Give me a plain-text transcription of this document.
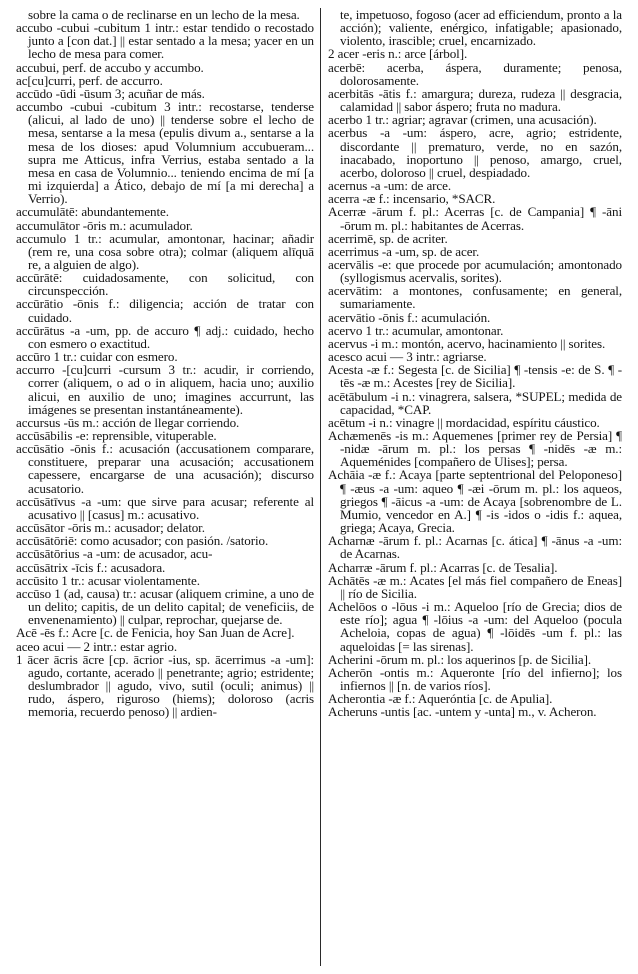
sobre la cama o de reclinarse en un lecho de la mesa.

accubo -cubui -cubitum 1 intr.: estar tendido o recostado junto a [con dat.] || estar sentado a la mesa; yacer en un lecho de mesa para comer.

accubui, perf. de accubo y accumbo.

ac[cu]curri, perf. de accurro.

accūdo -ūdi -ūsum 3; acuñar de más.

accumbo -cubui -cubitum 3 intr.: recostarse, tenderse (alicui, al lado de uno) || tenderse sobre el lecho de mesa, sentarse a la mesa (epulis divum a., sentarse a la mesa de los dioses: apud Volumnium accubueram... supra me Atticus, infra Verrius, estaba sentado a la mesa en casa de Volumnio... teniendo encima de mí [a mi izquierda] a Ático, debajo de mí [a mi derecha] a Verrio).

accumulātē: abundantemente.

accumulātor -ōris m.: acumulador.

accumulo 1 tr.: acumular, amontonar, hacinar; añadir (rem re, una cosa sobre otra); colmar (aliquem alīquā re, a alguien de algo).

accūrātē: cuidadosamente, con solicitud, con circunspección.

accūrātio -ōnis f.: diligencia; acción de tratar con cuidado.

accūrātus -a -um, pp. de accuro ¶ adj.: cuidado, hecho con esmero o exactitud.

accūro 1 tr.: cuidar con esmero.

accurro -[cu]curri -cursum 3 tr.: acudir, ir corriendo, correr (aliquem, o ad o in aliquem, hacia uno; auxilio alicui, en auxilio de uno; imagines accurrunt, las imágenes se presentan instantáneamente).

accursus -ūs m.: acción de llegar corriendo.

accūsābilis -e: reprensible, vituperable.

accūsātio -ōnis f.: acusación (accusationem comparare, constituere, preparar una acusación; accusationem capessere, encargarse de una acusación); discurso acusatorio.

accūsātīvus -a -um: que sirve para acusar; referente al acusativo || [casus] m.: acusativo.

accūsātor -ōris m.: acusador; delator.

accūsātōriē: como acusador; con pasión. /satorio.

accūsātōrius -a -um: de acusador, acu-

accūsātrix -īcis f.: acusadora.

accūsito 1 tr.: acusar violentamente.

accūso 1 (ad, causa) tr.: acusar (aliquem crimine, a uno de un delito; capitis, de un delito capital; de veneficiis, de envenenamiento) || culpar, reprochar, quejarse de.

Acē -ēs f.: Acre [c. de Fenicia, hoy San Juan de Acre].

aceo acui — 2 intr.: estar agrio.

1 ācer ācris ācre [cp. ācrior -ius, sp. ācerrimus -a -um]: agudo, cortante, acerado || penetrante; agrio; estridente; deslumbrador || agudo, vivo, sutil (oculi; animus) || rudo, áspero, riguroso (hiems); doloroso (acris memoria, recuerdo penoso) || ardien-

te, impetuoso, fogoso (acer ad efficiendum, pronto a la acción); valiente, enérgico, infatigable; apasionado, violento, irascible; cruel, encarnizado.

2 acer -eris n.: arce [árbol].

acerbē: acerba, áspera, duramente; penosa, dolorosamente.

acerbitās -ātis f.: amargura; dureza, rudeza || desgracia, calamidad || sabor áspero; fruta no madura.

acerbo 1 tr.: agriar; agravar (crimen, una acusación).

acerbus -a -um: áspero, acre, agrio; estridente, discordante || prematuro, verde, no en sazón, inacabado, inoportuno || penoso, amargo, cruel, acerbo, doloroso || cruel, despiadado.

acernus -a -um: de arce.

acerra -æ f.: incensario, *SACR.

Acerræ -ārum f. pl.: Acerras [c. de Campania] ¶ -āni -ōrum m. pl.: habitantes de Acerras.

acerrimē, sp. de acriter.

acerrimus -a -um, sp. de acer.

acervālis -e: que procede por acumulación; amontonado (syllogismus acervalis, sorites).

acervātim: a montones, confusamente; en general, sumariamente.

acervātio -ōnis f.: acumulación.

acervo 1 tr.: acumular, amontonar.

acervus -i m.: montón, acervo, hacinamiento || sorites.

acesco acui — 3 intr.: agriarse.

Acesta -æ f.: Segesta [c. de Sicilia] ¶ -tensis -e: de S. ¶ -tēs -æ m.: Acestes [rey de Sicilia].

acētābulum -i n.: vinagrera, salsera, *SUPEL; medida de capacidad, *CAP.

acētum -i n.: vinagre || mordacidad, espíritu cáustico.

Achæmenēs -is m.: Aquemenes [primer rey de Persia] ¶ -nidæ -ārum m. pl.: los persas ¶ -nidēs -æ m.: Aqueménides [compañero de Ulises]; persa.

Achāia -æ f.: Acaya [parte septentrional del Peloponeso] ¶ -æus -a -um: aqueo ¶ -æi -ōrum m. pl.: los aqueos, griegos ¶ -āicus -a -um: de Acaya [sobrenombre de L. Mumio, vencedor en A.] ¶ -is -idos o -idis f.: aquea, griega; Acaya, Grecia.

Acharnæ -ārum f. pl.: Acarnas [c. ática] ¶ -ānus -a -um: de Acarnas.

Acharræ -ārum f. pl.: Acarras [c. de Tesalia].

Achātēs -æ m.: Acates [el más fiel compañero de Eneas] || río de Sicilia.

Achelōos o -lōus -i m.: Aqueloo [río de Grecia; dios de este río]; agua ¶ -lōius -a -um: del Aqueloo (pocula Acheloia, copas de agua) ¶ -lōidēs -um f. pl.: las aqueloidas [= las sirenas].

Acherini -ōrum m. pl.: los aquerinos [p. de Sicilia].

Acherōn -ontis m.: Aqueronte [río del infierno]; los infiernos || [n. de varios ríos].

Acherontia -æ f.: Aqueróntia [c. de Apulia].

Acheruns -untis [ac. -untem y -unta] m., v. Acheron.
